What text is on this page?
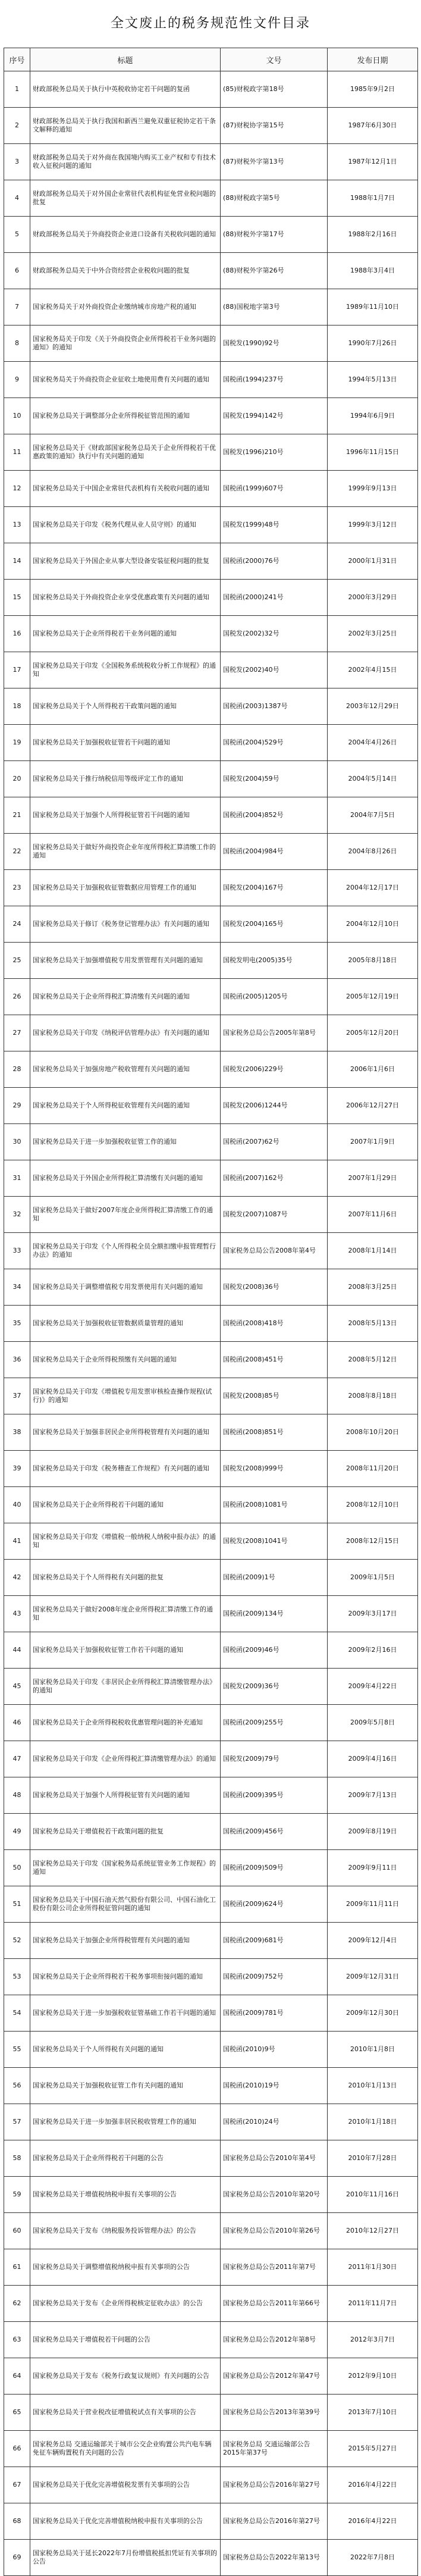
全文废止的税务规范性文件目录
序号	标题	文号	发布日期
1	财政部税务总局关于执行中英税收协定若干问题的复函	(85)财税政字第18号	1985年9月2日
2	财政部税务总局关于执行我国和新西兰避免双重征税协定若干条文解释的通知	(87)财税协字第15号	1987年6月30日
3	财政部税务总局关于对外商在我国境内购买工业产权和专有技术收入征税问题的通知	(87)财税外字第13号	1987年12月1日
4	财政部税务总局关于对外国企业常驻代表机构征免营业税问题的批复	(88)财税政字第5号	1988年1月7日
5	财政部税务总局关于外商投资企业进口设备有关税收问题的通知	(88)财税外字第17号	1988年2月16日
6	财政部税务总局关于中外合资经营企业税收问题的批复	(88)财税外字第26号	1988年3月4日
7	国家税务局关于对外商投资企业缴纳城市房地产税的通知	(88)国税地字第3号	1989年11月10日
8	国家税务局关于印发《关于外商投资企业所得税若干业务问题的通知》的通知	国税发(1990)92号	1990年7月26日
9	国家税务局关于外商投资企业征收土地使用费有关问题的通知	国税函(1994)237号	1994年5月13日
10	国家税务总局关于调整部分企业所得税征管范围的通知	国税发(1994)142号	1994年6月9日
11	国家税务总局关于《财政部国家税务总局关于企业所得税若干优惠政策的通知》执行中有关问题的通知	国税发(1996)210号	1996年11月15日
12	国家税务总局关于中国企业常驻代表机构有关税收问题的通知	国税函(1999)607号	1999年9月13日
13	国家税务总局关于印发《税务代理从业人员守则》的通知	国税发(1999)48号	1999年3月12日
14	国家税务总局关于外国企业从事大型设备安装征税问题的批复	国税函(2000)76号	2000年1月31日
15	国家税务总局关于外商投资企业享受优惠政策有关问题的通知	国税函(2000)241号	2000年3月29日
16	国家税务总局关于企业所得税若干业务问题的通知	国税发(2002)32号	2002年3月25日
17	国家税务总局关于印发《全国税务系统税收分析工作规程》的通知	国税发(2002)40号	2002年4月15日
18	国家税务总局关于个人所得税若干政策问题的通知	国税函(2003)1387号	2003年12月29日
19	国家税务总局关于加强税收征管若干问题的通知	国税函(2004)529号	2004年4月26日
20	国家税务总局关于推行纳税信用等级评定工作的通知	国税发(2004)59号	2004年5月14日
21	国家税务总局关于加强个人所得税征管若干问题的通知	国税函(2004)852号	2004年7月5日
22	国家税务总局关于做好外商投资企业年度所得税汇算清缴工作的通知	国税函(2004)984号	2004年8月26日
23	国家税务总局关于加强税收征管数据应用管理工作的通知	国税发(2004)167号	2004年12月17日
24	国家税务总局关于修订《税务登记管理办法》有关问题的通知	国税发(2004)165号	2004年12月10日
25	国家税务总局关于加强增值税专用发票管理有关问题的通知	国税发明电(2005)35号	2005年8月18日
26	国家税务总局关于企业所得税汇算清缴有关问题的通知	国税函(2005)1205号	2005年12月19日
27	国家税务总局关于印发《纳税评估管理办法》有关问题的通知	国家税务总局公告2005年第8号	2005年12月20日
28	国家税务总局关于加强房地产税收管理有关问题的通知	国税发(2006)229号	2006年1月6日
29	国家税务总局关于个人所得税征收管理有关问题的通知	国税发(2006)1244号	2006年12月27日
30	国家税务总局关于进一步加强税收征管工作的通知	国税函(2007)62号	2007年1月9日
31	国家税务总局关于外国企业所得税汇算清缴有关问题的通知	国税函(2007)162号	2007年1月29日
32	国家税务总局关于做好2007年度企业所得税汇算清缴工作的通知	国税发(2007)1087号	2007年11月6日
33	国家税务总局关于印发《个人所得税全员全额扣缴申报管理暂行办法》的通知	国家税务总局公告2008年第4号	2008年1月14日
34	国家税务总局关于调整增值税专用发票使用有关问题的通知	国税发(2008)36号	2008年3月25日
35	国家税务总局关于加强税收征管数据质量管理的通知	国税函(2008)418号	2008年5月13日
36	国家税务总局关于企业所得税预缴有关问题的通知	国税函(2008)451号	2008年5月12日
37	国家税务总局关于印发《增值税专用发票审核检查操作规程(试行)》的通知	国税发(2008)85号	2008年8月18日
38	国家税务总局关于加强非居民企业所得税管理有关问题的通知	国税函(2008)851号	2008年10月20日
39	国家税务总局关于印发《税务稽查工作规程》有关问题的通知	国税发(2008)999号	2008年11月20日
40	国家税务总局关于企业所得税若干问题的通知	国税函(2008)1081号	2008年12月10日
41	国家税务总局关于印发《增值税一般纳税人纳税申报办法》的通知	国税发(2008)1041号	2008年12月15日
42	国家税务总局关于个人所得税有关问题的批复	国税函(2009)1号	2009年1月5日
43	国家税务总局关于做好2008年度企业所得税汇算清缴工作的通知	国税函(2009)134号	2009年3月17日
44	国家税务总局关于加强税收征管工作若干问题的通知	国税函(2009)46号	2009年2月16日
45	国家税务总局关于印发《非居民企业所得税汇算清缴管理办法》的通知	国税发(2009)36号	2009年4月22日
46	国家税务总局关于企业所得税税收优惠管理问题的补充通知	国税函(2009)255号	2009年5月8日
47	国家税务总局关于印发《企业所得税汇算清缴管理办法》的通知	国税发(2009)79号	2009年4月16日
48	国家税务总局关于加强个人所得税征管有关问题的通知	国税函(2009)395号	2009年7月13日
49	国家税务总局关于增值税若干政策问题的批复	国税函(2009)456号	2009年8月19日
50	国家税务总局关于印发《国家税务局系统征管业务工作规程》的通知	国税函(2009)509号	2009年9月11日
51	国家税务总局关于中国石油天然气股份有限公司、中国石油化工股份有限公司企业所得税征管问题的通知	国税函(2009)624号	2009年11月11日
52	国家税务总局关于加强企业所得税管理有关问题的通知	国税函(2009)681号	2009年12月4日
53	国家税务总局关于企业所得税若干税务事项衔接问题的通知	国税函(2009)752号	2009年12月31日
54	国家税务总局关于进一步加强税收征管基础工作若干问题的通知	国税函(2009)781号	2009年12月30日
55	国家税务总局关于个人所得税有关问题的通知	国税函(2010)9号	2010年1月8日
56	国家税务总局关于加强税收征管工作有关问题的通知	国税函(2010)19号	2010年1月13日
57	国家税务总局关于进一步加强非居民税收管理工作的通知	国税函(2010)24号	2010年1月18日
58	国家税务总局关于企业所得税若干问题的公告	国家税务总局公告2010年第4号	2010年7月28日
59	国家税务总局关于增值税纳税申报有关事项的公告	国家税务总局公告2010年第20号	2010年11月16日
60	国家税务总局关于发布《纳税服务投诉管理办法》的公告	国家税务总局公告2010年第26号	2010年12月27日
61	国家税务总局关于调整增值税纳税申报有关事项的公告	国家税务总局公告2011年第7号	2011年1月30日
62	国家税务总局关于发布《企业所得税核定征收办法》的公告	国家税务总局公告2011年第66号	2011年11月7日
63	国家税务总局关于增值税若干问题的公告	国家税务总局公告2012年第8号	2012年3月7日
64	国家税务总局关于发布《税务行政复议规则》有关问题的公告	国家税务总局公告2012年第47号	2012年9月10日
65	国家税务总局关于营业税改征增值税试点有关事项的公告	国家税务总局公告2013年第39号	2013年7月10日
66	国家税务总局 交通运输部关于城市公交企业购置公共汽电车辆免征车辆购置税有关问题的公告	国家税务总局 交通运输部公告2015年第37号	2015年5月27日
67	国家税务总局关于优化完善增值税发票有关事项的公告	国家税务总局公告2016年第27号	2016年4月22日
68	国家税务总局关于优化完善增值税纳税申报有关事项的公告	国家税务总局公告2016年第27号	2016年4月22日
69	国家税务总局关于延长2022年7月份增值税抵扣凭证有关事项的公告	国家税务总局公告2022年第13号	2022年7月8日
